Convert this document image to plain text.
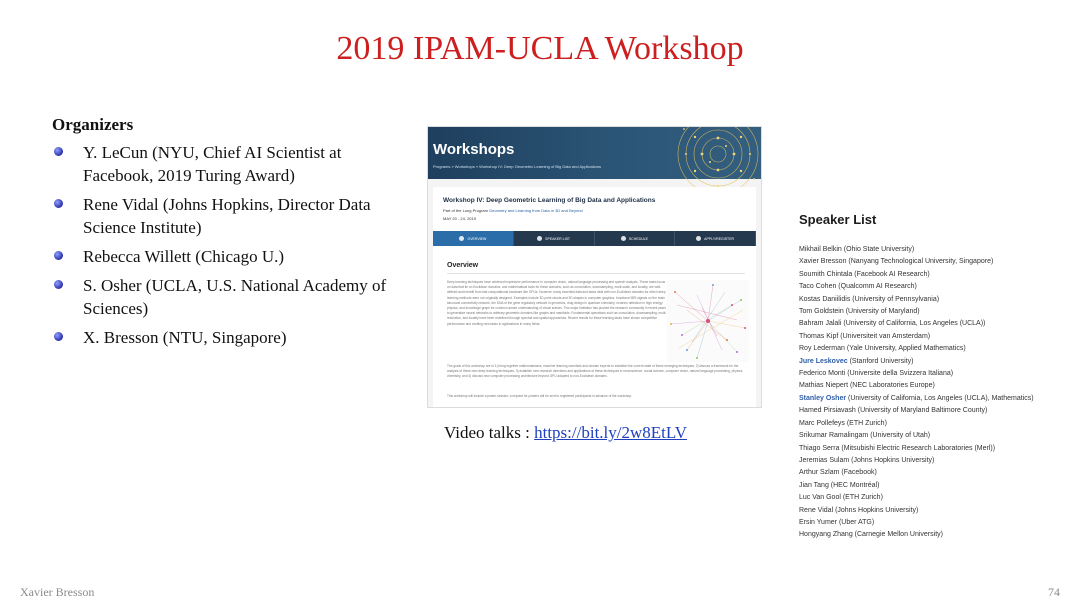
2019 IPAM-UCLA Workshop
Organizers
Y. LeCun (NYU, Chief AI Scientist at Facebook, 2019 Turing Award)
Rene Vidal (Johns Hopkins, Director Data Science Institute)
Rebecca Willett (Chicago U.)
S. Osher (UCLA, U.S. National Academy of Sciences)
X. Bresson (NTU, Singapore)
Workshops
Programs » Workshops » Workshop IV: Deep Geometric Learning of Big Data and Applications
Workshop IV: Deep Geometric Learning of Big Data and Applications
Part of the Long Program Geometry and Learning from Data in 3D and Beyond
MAY 20 - 24, 2019
OVERVIEW	SPEAKER LIST	SCHEDULE	APPLY/REGISTER
Overview
Deep learning techniques have achieved impressive performance in computer vision, natural language processing and speech analysis. These tasks focus on data that lie on Euclidean domains, and mathematical tools for these domains, such as convolution, downsampling, multi-scale, and locality, are well-defined and benefit from fast computational hardware like GPUs. However, many essential data and tasks deal with non-Euclidean domains for which deep learning methods were not originally designed. Examples include 3D point clouds and 3D shapes in computer graphics, functional MRI signals on the brain structural connectivity network, the DNA of the gene regulatory network in genomics, drug design in quantum chemistry, neutrino detection in high energy physics, and knowledge graph for common-sense understanding of visual scenes. This major limitation has pushed the research community in recent years to generalize neural networks to arbitrary geometric domains like graphs and manifolds. Fundamental operations such as convolution, downsampling, multi-resolution, and locality have been redefined through spectral and spatial approaches. Recent results for these learning tasks have shown competitive performance and exciting new tasks in applications in many fields.
The goals of this workshop are to 1) bring together mathematicians, machine learning scientists and domain experts to establish the current state of these emerging techniques, 2) discuss a framework for the analysis of these new deep learning techniques, 3) establish new research directions and applications of these techniques in neuroscience, social science, computer vision, natural language processing, physics, chemistry, and 4) discuss new computer processing architecture beyond GPU adapted to non-Euclidean domains.
This workshop will include a poster session; a request for posters will be sent to registered participants in advance of the workshop.
Video talks : https://bit.ly/2w8EtLV
Speaker List
Mikhail Belkin (Ohio State University)
Xavier Bresson (Nanyang Technological University, Singapore)
Soumith Chintala (Facebook AI Research)
Taco Cohen (Qualcomm AI Research)
Kostas Daniilidis (University of Pennsylvania)
Tom Goldstein (University of Maryland)
Bahram Jalali (University of California, Los Angeles (UCLA))
Thomas Kipf (Universiteit van Amsterdam)
Roy Lederman (Yale University, Applied Mathematics)
Jure Leskovec (Stanford University)
Federico Monti (Universite della Svizzera Italiana)
Mathias Niepert (NEC Laboratories Europe)
Stanley Osher (University of California, Los Angeles (UCLA), Mathematics)
Hamed Pirsiavash (University of Maryland Baltimore County)
Marc Pollefeys (ETH Zurich)
Srikumar Ramalingam (University of Utah)
Thiago Serra (Mitsubishi Electric Research Laboratories (Merl))
Jeremias Sulam (Johns Hopkins University)
Arthur Szlam (Facebook)
Jian Tang (HEC Montréal)
Luc Van Gool (ETH Zurich)
Rene Vidal (Johns Hopkins University)
Ersin Yumer (Uber ATG)
Hongyang Zhang (Carnegie Mellon University)
Xavier Bresson	74
